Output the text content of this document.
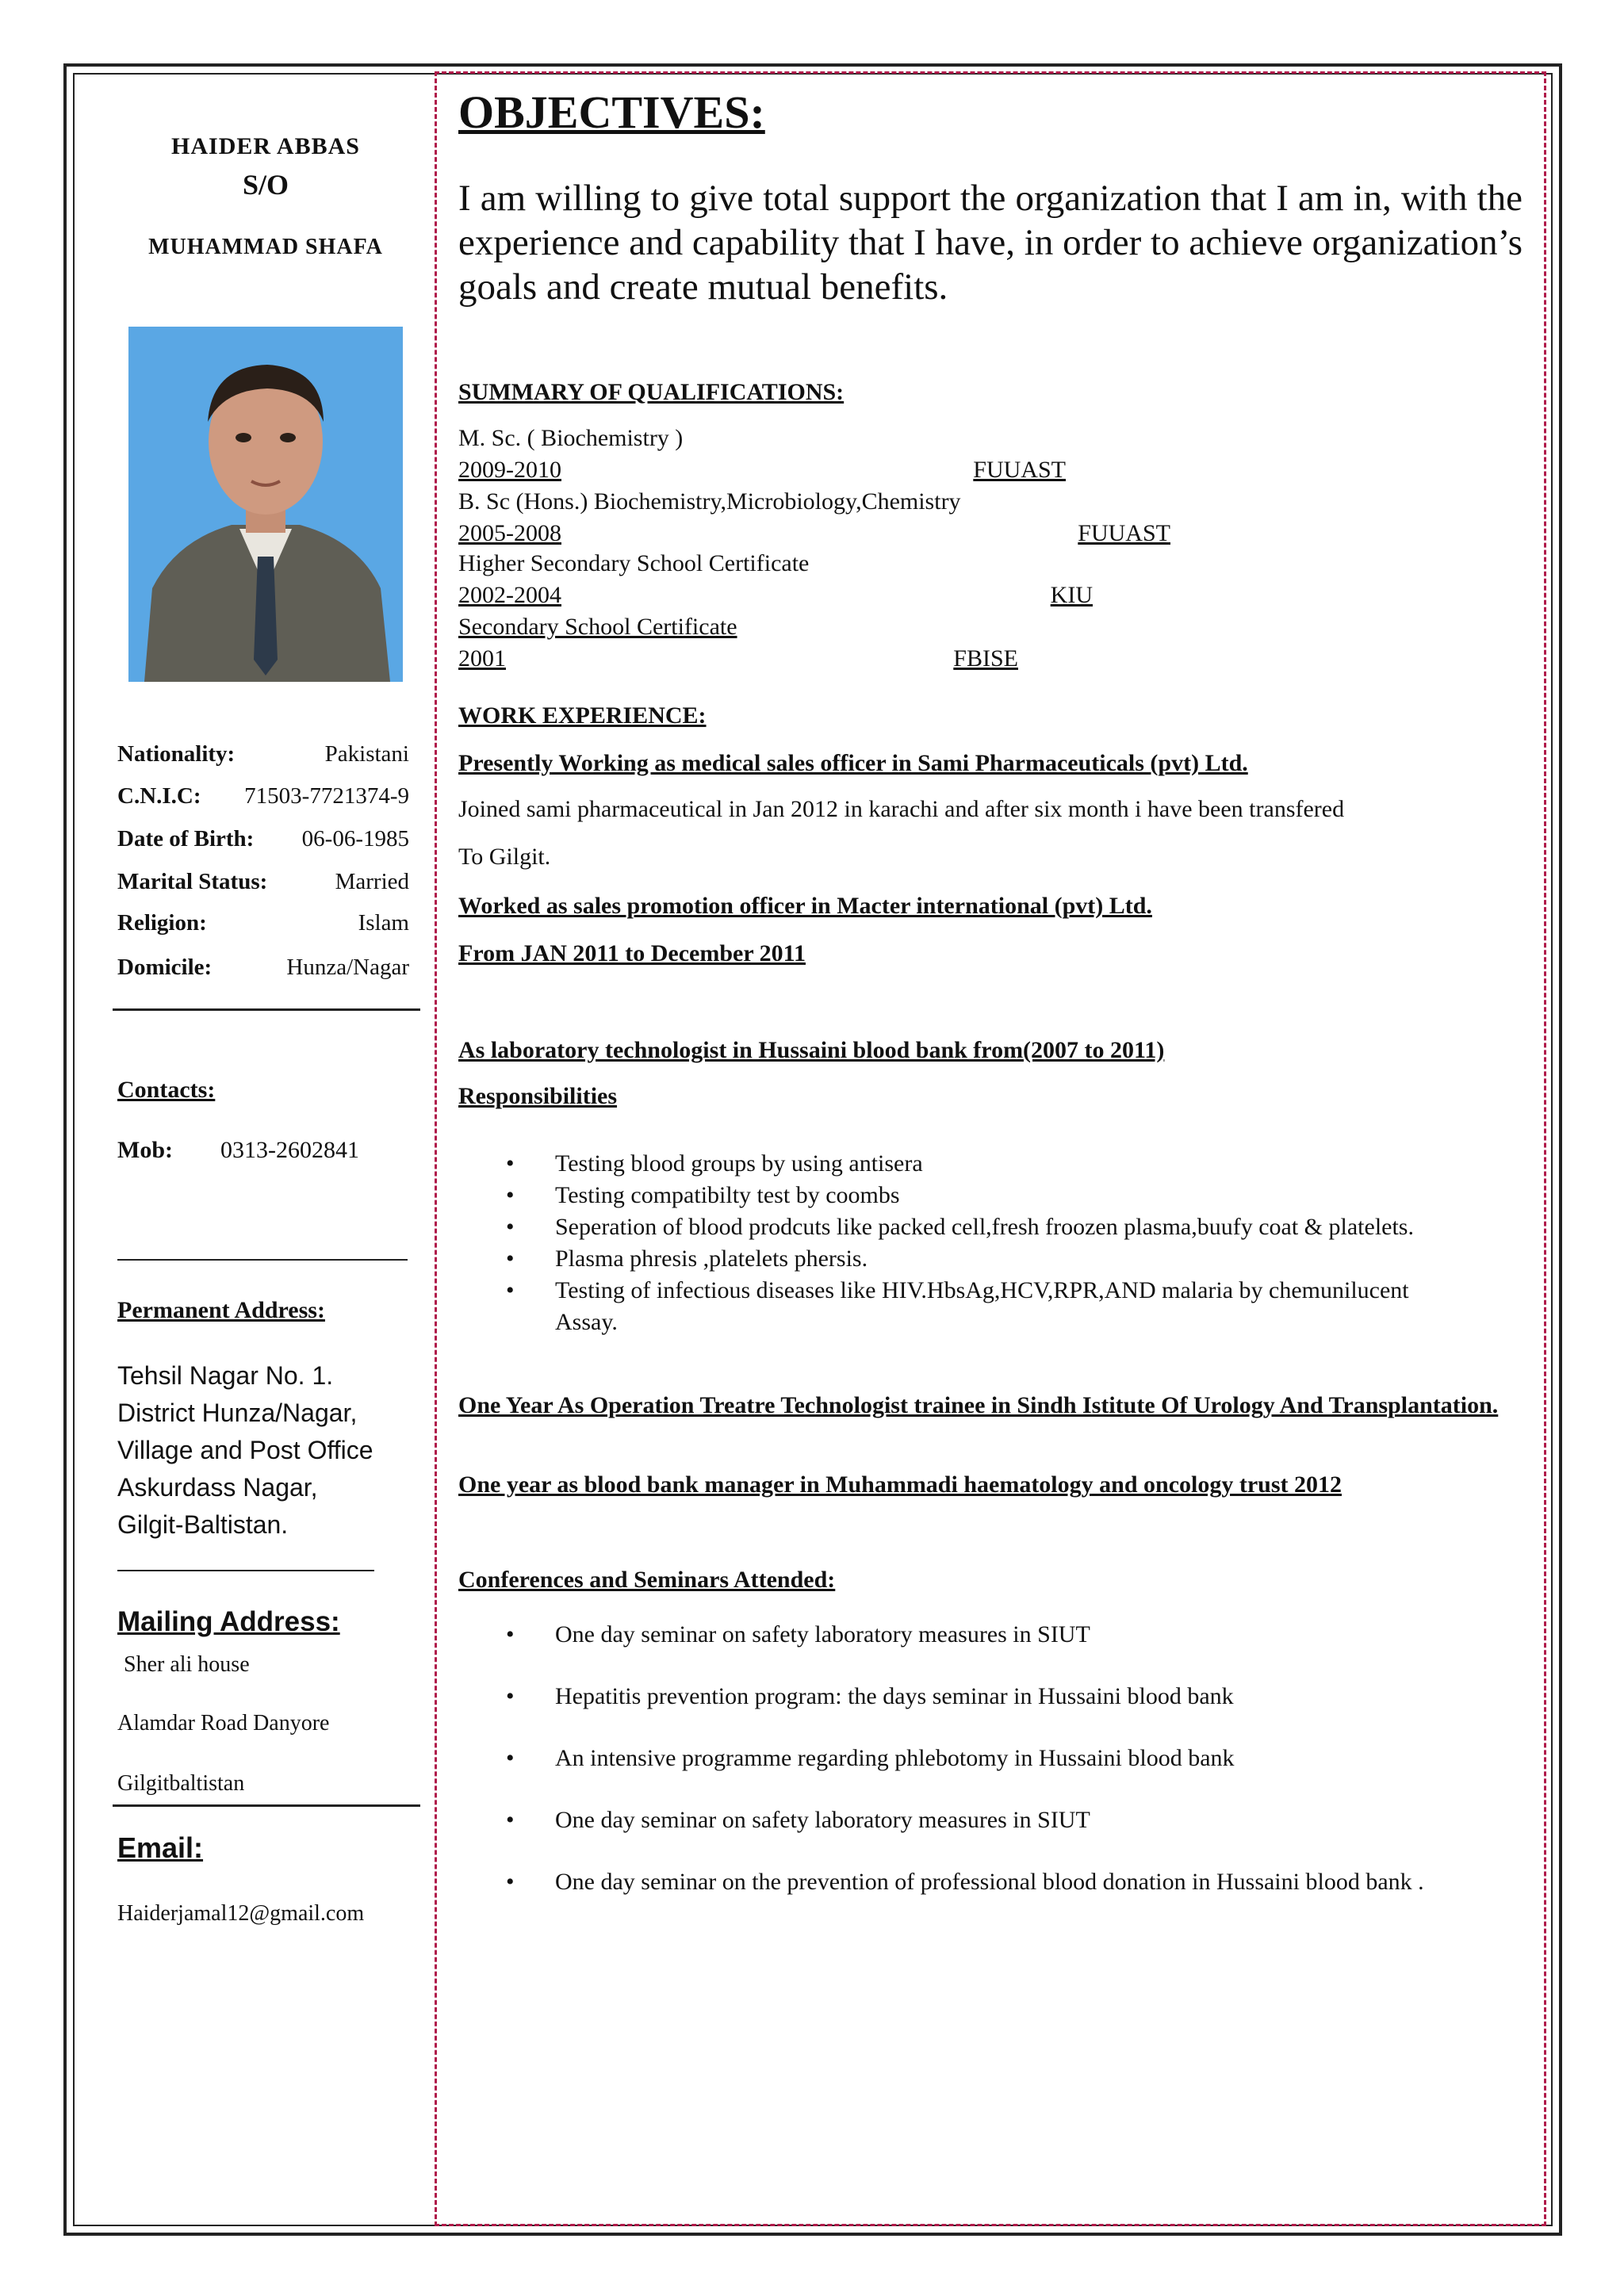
HAIDER ABBAS
S/O
MUHAMMAD SHAFA
Nationality:	Pakistani
C.N.I.C: 71503-7721374-9
Date of Birth: 06-06-1985
Marital Status:	Married
Religion:	Islam
Domicile:	Hunza/Nagar
Contacts:
Mob: 0313-2602841
Permanent Address:
Tehsil Nagar No. 1.
District Hunza/Nagar,
Village and Post Office
Askurdass Nagar,
Gilgit-Baltistan.
Mailing Address:
Sher ali house
Alamdar Road Danyore
Gilgitbaltistan
Email:
Haiderjamal12@gmail.com
OBJECTIVES:
I am willing to give total support the organization that I am in, with the experience and capability that I have, in order to achieve organization’s goals and create mutual benefits.
SUMMARY OF QUALIFICATIONS:
M. Sc. ( Biochemistry )
2009-2010	FUUAST
B. Sc (Hons.) Biochemistry,Microbiology,Chemistry
2005-2008	FUUAST
Higher Secondary School Certificate
2002-2004	KIU
Secondary School Certificate
2001	FBISE
WORK EXPERIENCE:
Presently Working as medical sales officer in Sami Pharmaceuticals (pvt) Ltd.
Joined sami pharmaceutical in Jan 2012 in karachi and after six month i have been transfered
To Gilgit.
Worked as sales promotion officer in Macter international (pvt) Ltd.
From JAN 2011 to December 2011
As laboratory technologist in Hussaini blood bank from(2007 to 2011)
Responsibilities
• Testing blood groups by using antisera
• Testing compatibilty test by coombs
• Seperation of blood prodcuts like packed cell,fresh froozen plasma,buufy coat & platelets.
• Plasma phresis ,platelets phersis.
• Testing of infectious diseases like HIV.HbsAg,HCV,RPR,AND malaria by chemunilucent Assay.
One Year As Operation Treatre Technologist trainee in Sindh Istitute Of Urology And Transplantation.
One year as blood bank manager in Muhammadi haematology and oncology trust 2012
Conferences and Seminars Attended:
• One day seminar on safety laboratory measures in SIUT
• Hepatitis prevention program: the days seminar in Hussaini blood bank
• An intensive programme regarding phlebotomy in Hussaini blood bank
• One day seminar on safety laboratory measures in SIUT
• One day seminar on the prevention of professional blood donation in Hussaini blood bank .
